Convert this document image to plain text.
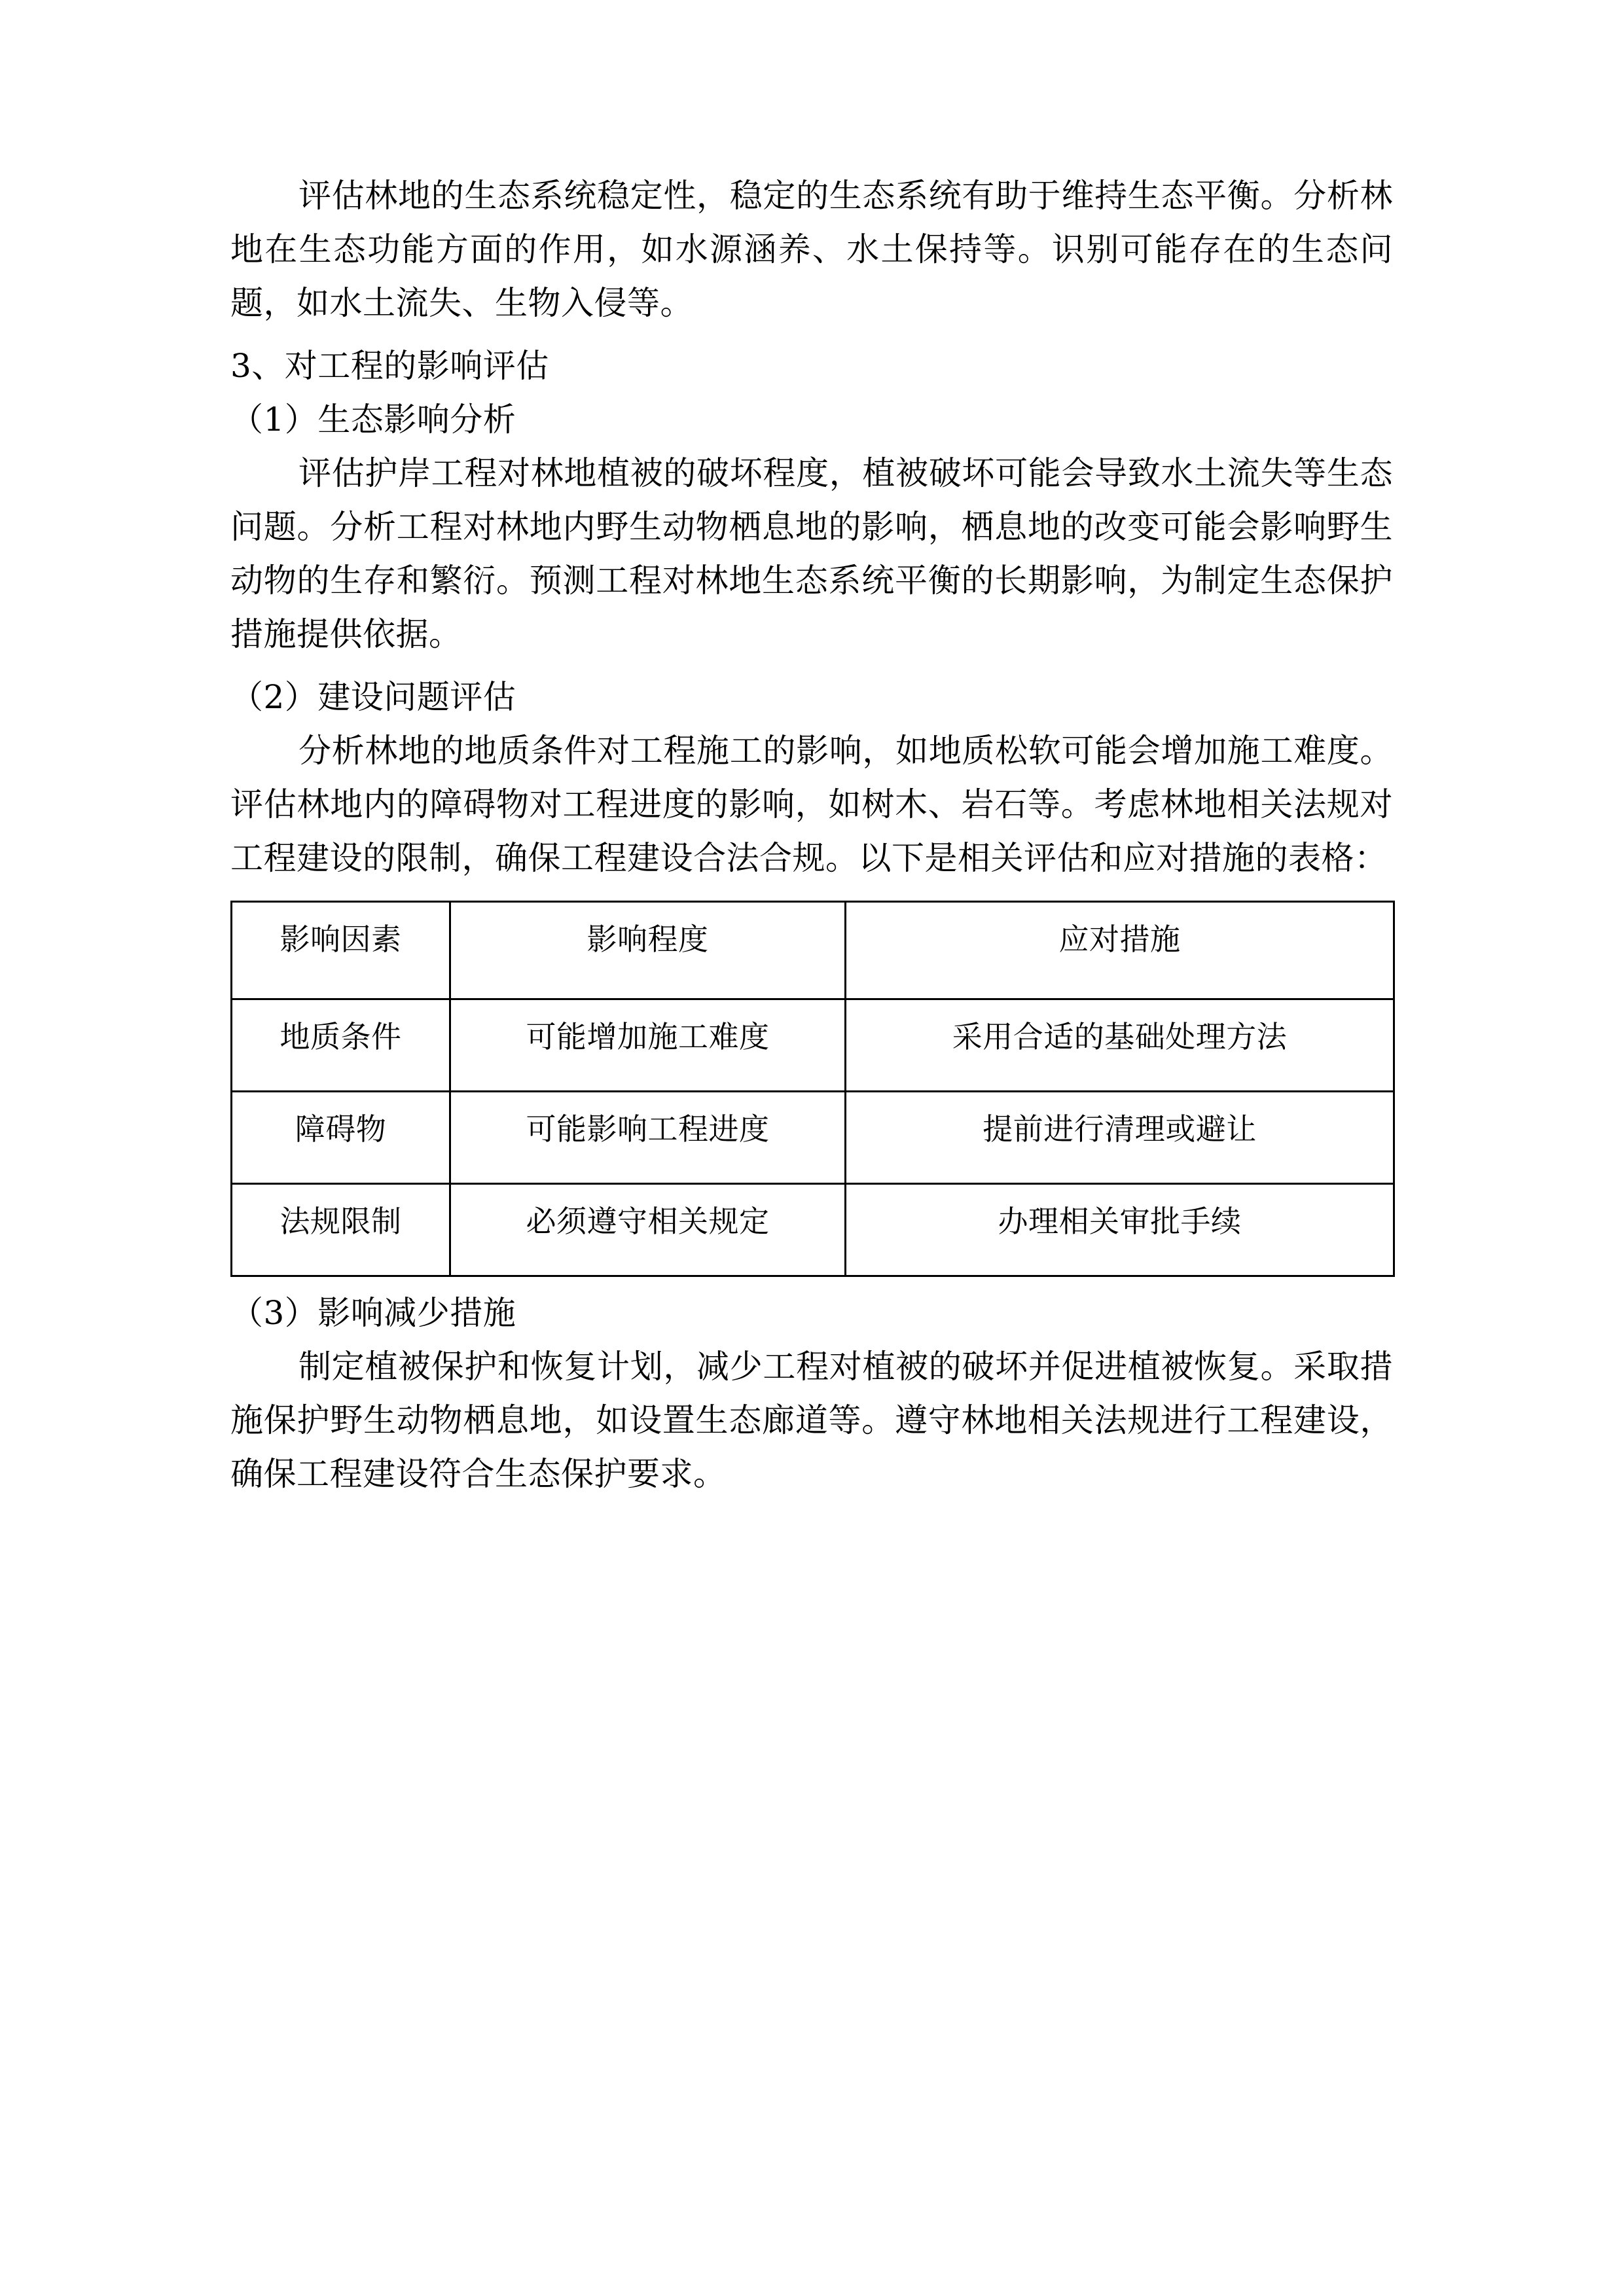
评估林地的生态系统稳定性，稳定的生态系统有助于维持生态平衡。分析林地在生态功能方面的作用，如水源涵养、水土保持等。识别可能存在的生态问题，如水土流失、生物入侵等。

3、对工程的影响评估
（1）生态影响分析

评估护岸工程对林地植被的破坏程度，植被破坏可能会导致水土流失等生态问题。分析工程对林地内野生动物栖息地的影响，栖息地的改变可能会影响野生动物的生存和繁衍。预测工程对林地生态系统平衡的长期影响，为制定生态保护措施提供依据。

（2）建设问题评估

分析林地的地质条件对工程施工的影响，如地质松软可能会增加施工难度。评估林地内的障碍物对工程进度的影响，如树木、岩石等。考虑林地相关法规对工程建设的限制，确保工程建设合法合规。以下是相关评估和应对措施的表格：

影响因素	影响程度	应对措施
地质条件	可能增加施工难度	采用合适的基础处理方法
障碍物	可能影响工程进度	提前进行清理或避让
法规限制	必须遵守相关规定	办理相关审批手续
（3）影响减少措施

制定植被保护和恢复计划，减少工程对植被的破坏并促进植被恢复。采取措施保护野生动物栖息地，如设置生态廊道等。遵守林地相关法规进行工程建设，确保工程建设符合生态保护要求。
